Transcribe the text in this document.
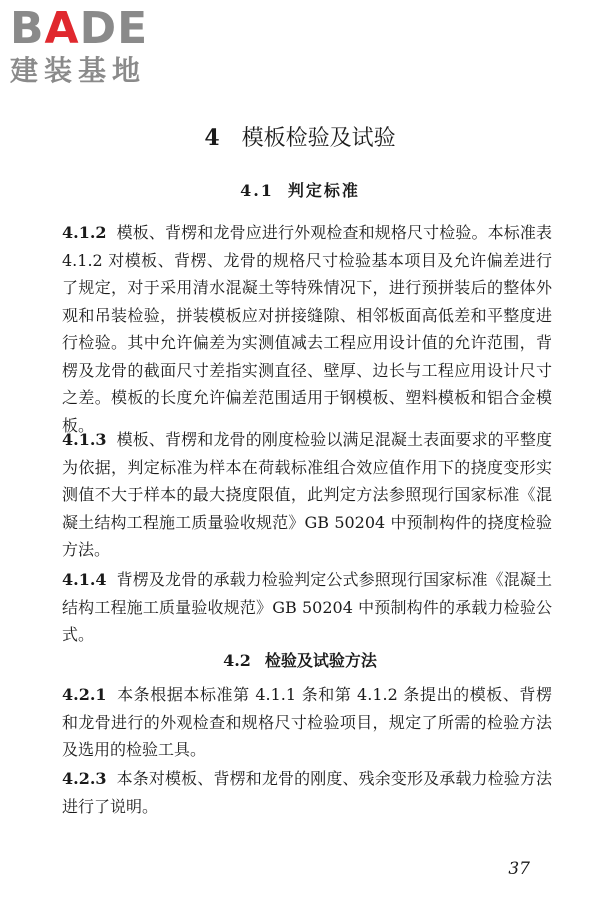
BADE
建装基地
4 模板检验及试验
4.1 判定标准
4.1.2 模板、背楞和龙骨应进行外观检查和规格尺寸检验。本标准表 4.1.2 对模板、背楞、龙骨的规格尺寸检验基本项目及允许偏差进行了规定，对于采用清水混凝土等特殊情况下，进行预拼装后的整体外观和吊装检验，拼装模板应对拼接缝隙、相邻板面高低差和平整度进行检验。其中允许偏差为实测值减去工程应用设计值的允许范围，背楞及龙骨的截面尺寸差指实测直径、壁厚、边长与工程应用设计尺寸之差。模板的长度允许偏差范围适用于钢模板、塑料模板和铝合金模板。
4.1.3 模板、背楞和龙骨的刚度检验以满足混凝土表面要求的平整度为依据，判定标准为样本在荷载标准组合效应值作用下的挠度变形实测值不大于样本的最大挠度限值，此判定方法参照现行国家标准《混凝土结构工程施工质量验收规范》GB 50204 中预制构件的挠度检验方法。
4.1.4 背楞及龙骨的承载力检验判定公式参照现行国家标准《混凝土结构工程施工质量验收规范》GB 50204 中预制构件的承载力检验公式。
4.2 检验及试验方法
4.2.1 本条根据本标准第 4.1.1 条和第 4.1.2 条提出的模板、背楞和龙骨进行的外观检查和规格尺寸检验项目，规定了所需的检验方法及选用的检验工具。
4.2.3 本条对模板、背楞和龙骨的刚度、残余变形及承载力检验方法进行了说明。
37
